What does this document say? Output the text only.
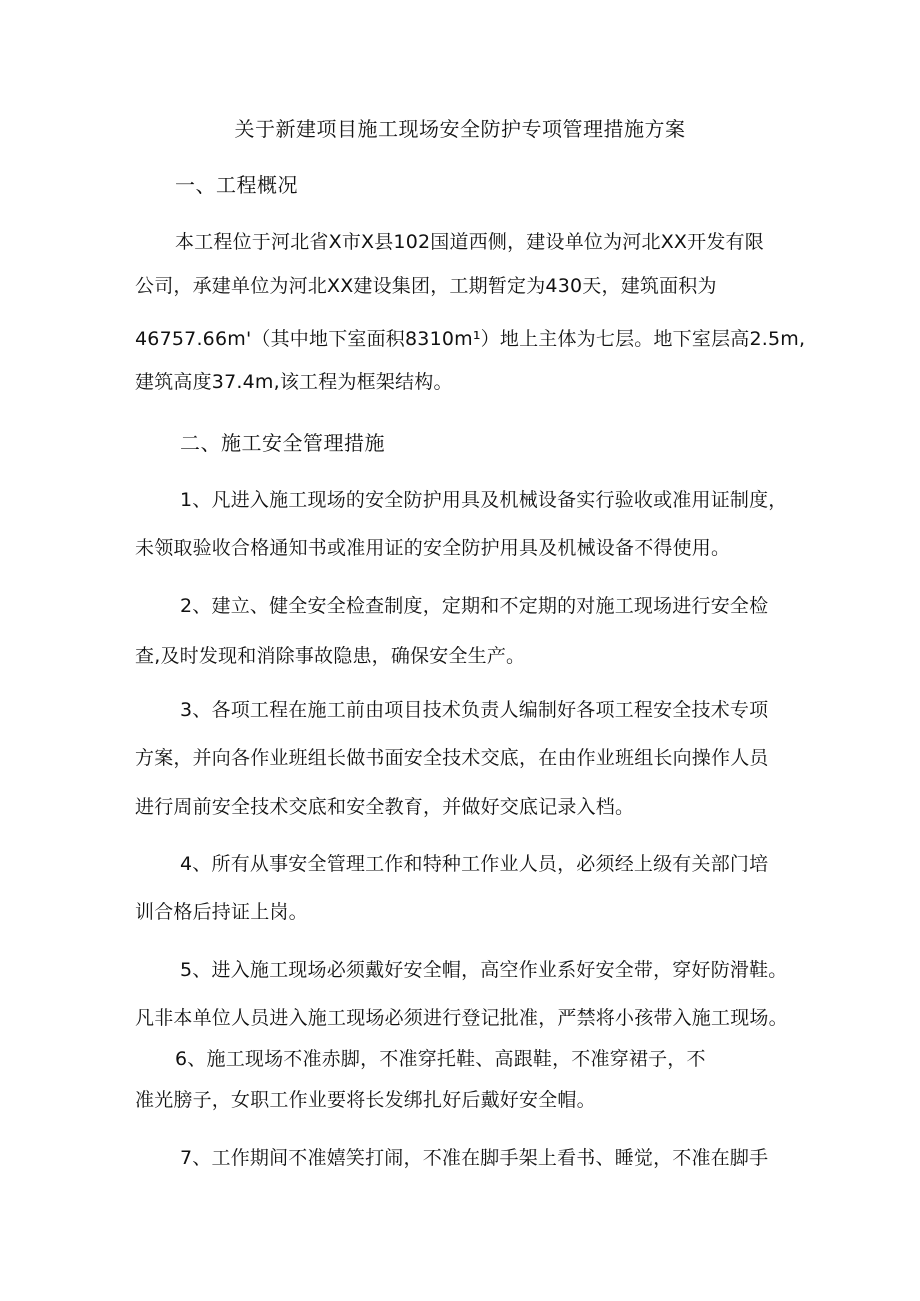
关于新建项目施工现场安全防护专项管理措施方案
一、工程概况
本工程位于河北省X市X县102国道西侧，建设单位为河北XX开发有限
公司，承建单位为河北XX建设集团，工期暂定为430天，建筑面积为
46757.66m'（其中地下室面积8310m¹）地上主体为七层。地下室层高2.5m,
建筑高度37.4m,该工程为框架结构。
二、施工安全管理措施
1、凡进入施工现场的安全防护用具及机械设备实行验收或准用证制度，
未领取验收合格通知书或准用证的安全防护用具及机械设备不得使用。
2、建立、健全安全检查制度，定期和不定期的对施工现场进行安全检
查,及时发现和消除事故隐患，确保安全生产。
3、各项工程在施工前由项目技术负责人编制好各项工程安全技术专项
方案，并向各作业班组长做书面安全技术交底，在由作业班组长向操作人员
进行周前安全技术交底和安全教育，并做好交底记录入档。
4、所有从事安全管理工作和特种工作业人员，必须经上级有关部门培
训合格后持证上岗。
5、进入施工现场必须戴好安全帽，高空作业系好安全带，穿好防滑鞋。
凡非本单位人员进入施工现场必须进行登记批准，严禁将小孩带入施工现场。
6、施工现场不准赤脚，不准穿托鞋、高跟鞋，不准穿裙子，不
准光膀子，女职工作业要将长发绑扎好后戴好安全帽。
7、工作期间不准嬉笑打闹，不准在脚手架上看书、睡觉，不准在脚手
